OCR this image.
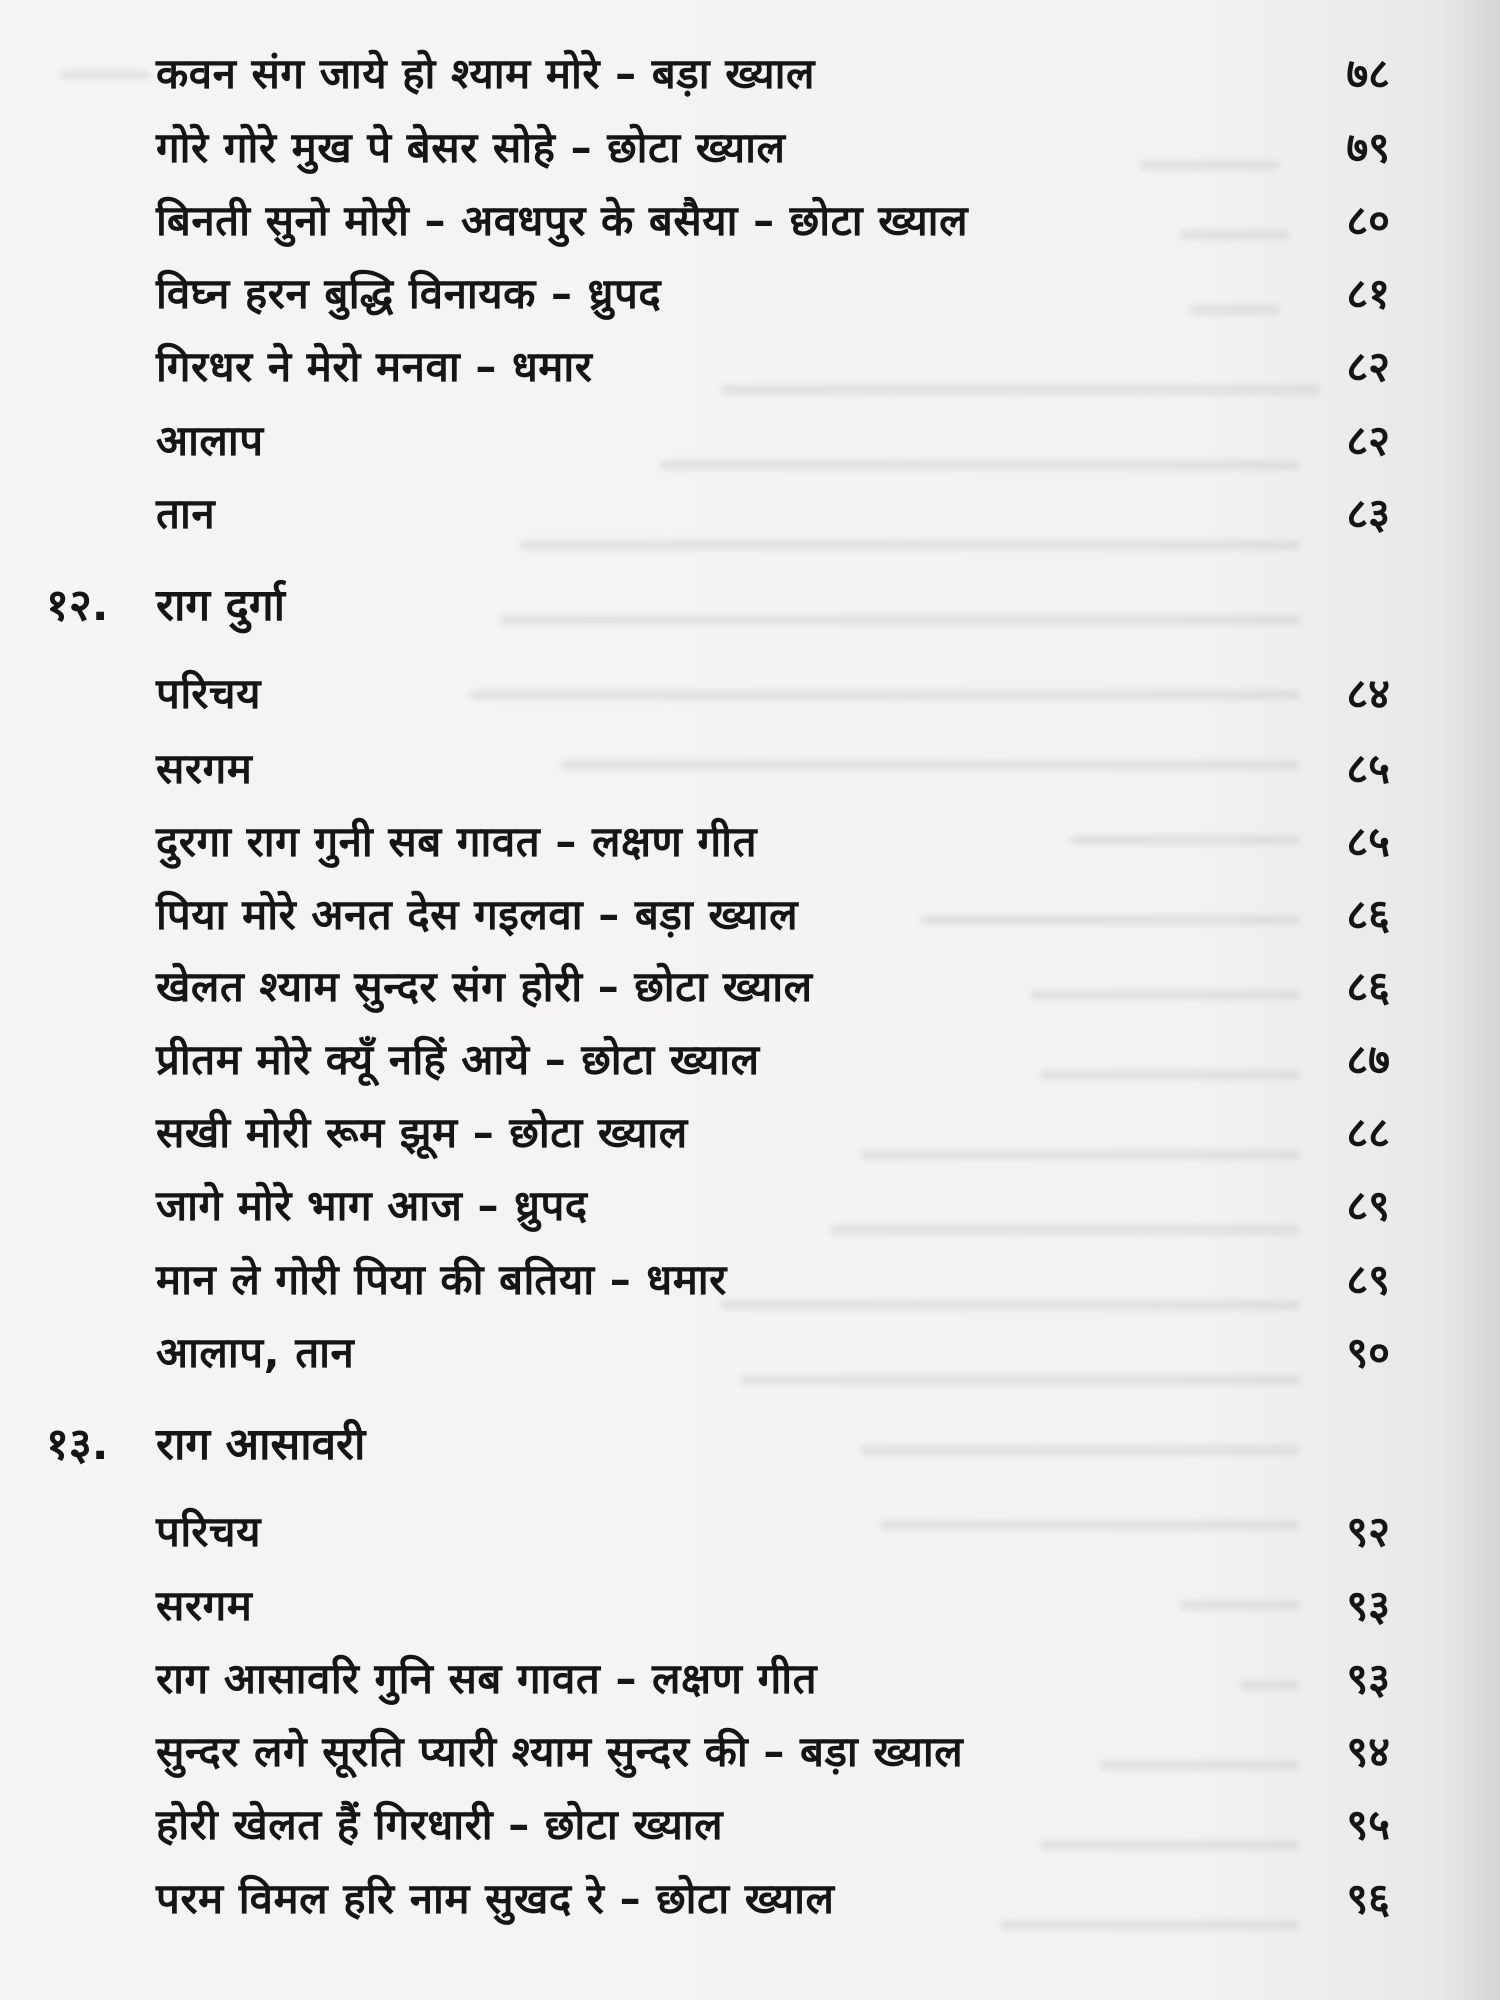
कवन संग जाये हो श्याम मोरे – बड़ा ख्याल	७८
गोरे गोरे मुख पे बेसर सोहे – छोटा ख्याल	७९
बिनती सुनो मोरी – अवधपुर के बसैया – छोटा ख्याल	८०
विघ्न हरन बुद्धि विनायक – ध्रुपद	८१
गिरधर ने मेरो मनवा – धमार	८२
आलाप	८२
तान	८३
१२. राग दुर्गा
परिचय	८४
सरगम	८५
दुरगा राग गुनी सब गावत – लक्षण गीत	८५
पिया मोरे अनत देस गइलवा – बड़ा ख्याल	८६
खेलत श्याम सुन्दर संग होरी – छोटा ख्याल	८६
प्रीतम मोरे क्यूँ नहिं आये – छोटा ख्याल	८७
सखी मोरी रूम झूम – छोटा ख्याल	८८
जागे मोरे भाग आज – ध्रुपद	८९
मान ले गोरी पिया की बतिया – धमार	८९
आलाप, तान	९०
१३. राग आसावरी
परिचय	९२
सरगम	९३
राग आसावरि गुनि सब गावत – लक्षण गीत	९३
सुन्दर लगे सूरति प्यारी श्याम सुन्दर की – बड़ा ख्याल	९४
होरी खेलत हैं गिरधारी – छोटा ख्याल	९५
परम विमल हरि नाम सुखद रे – छोटा ख्याल	९६
